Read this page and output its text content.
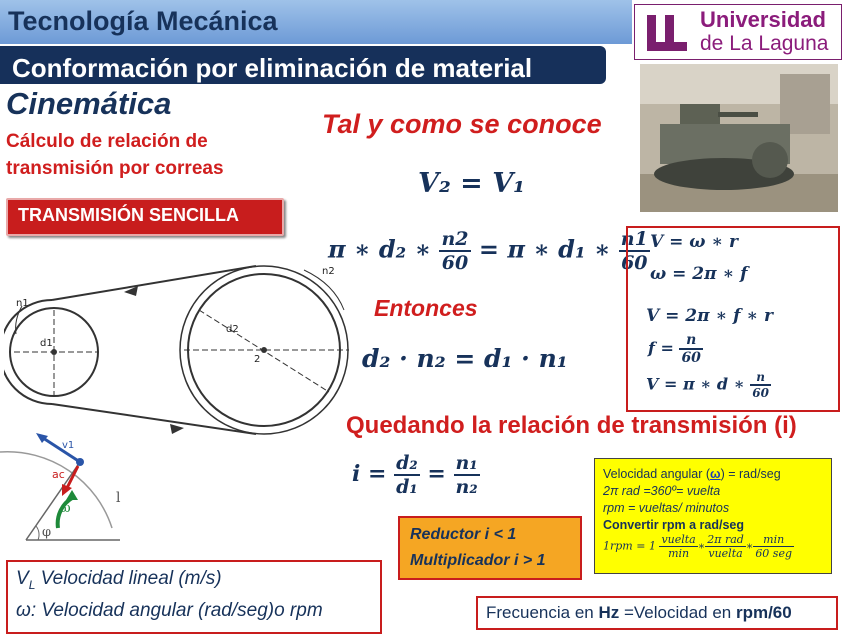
Tecnología Mecánica
Conformación por eliminación de material
Universidad
de La Laguna
Cinemática
Cálculo de relación de
transmisión por correas
TRANSMISIÓN SENCILLA
n1
d1
d2
n2
2
Tal y como se conoce
V₂ = V₁
π ∗ d₂ ∗ $\frac{n2}{60} = \pi$ ∗ d₁ ∗ $\frac{n1}{60}$
Entonces
d₂ · n₂ = d₁ · n₁
Quedando la relación de transmisión (i)
$i = \frac{\text{d₂}}{\text{d₁}} = \frac{\text{n₁}}{\text{n₂}}$
V = ω ∗ r
ω = 2π ∗ f
V = 2π ∗ f ∗ r
$f = \frac{n}{60}$
V = π ∗ d ∗ $\frac{n}{60}$
Velocidad angular (ω) = rad/seg
2π rad =360º= vuelta
rpm = vueltas/ minutos
Convertir rpm a rad/seg
$1rpm = 1 \frac{\text{vuelta}}{\min}$ ∗ $\frac{\text{2π rad}}{\text{vuelta}}$ ∗ $\frac{\min}{\text{60 seg}}$
Reductor i < 1
Multiplicador i > 1
v1
ac
ω
φ
l
$V_L$ Velocidad lineal (m/s)
ω: Velocidad angular (rad/seg)o rpm	Frecuencia en Hz =Velocidad en rpm/60
